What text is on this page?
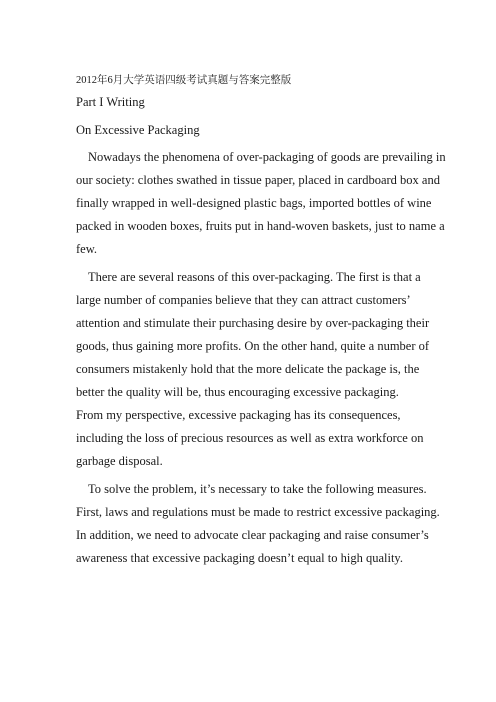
2012年6月大学英语四级考试真题与答案完整版
Part I Writing
On Excessive Packaging
Nowadays the phenomena of over-packaging of goods are prevailing in
our society: clothes swathed in tissue paper, placed in cardboard box and
finally wrapped in well-designed plastic bags, imported bottles of wine
packed in wooden boxes, fruits put in hand-woven baskets, just to name a
few.
There are several reasons of this over-packaging. The first is that a
large number of companies believe that they can attract customers’
attention and stimulate their purchasing desire by over-packaging their
goods, thus gaining more profits. On the other hand, quite a number of
consumers mistakenly hold that the more delicate the package is, the
better the quality will be, thus encouraging excessive packaging.
From my perspective, excessive packaging has its consequences,
including the loss of precious resources as well as extra workforce on
garbage disposal.
To solve the problem, it’s necessary to take the following measures.
First, laws and regulations must be made to restrict excessive packaging.
In addition, we need to advocate clear packaging and raise consumer’s
awareness that excessive packaging doesn’t equal to high quality.
